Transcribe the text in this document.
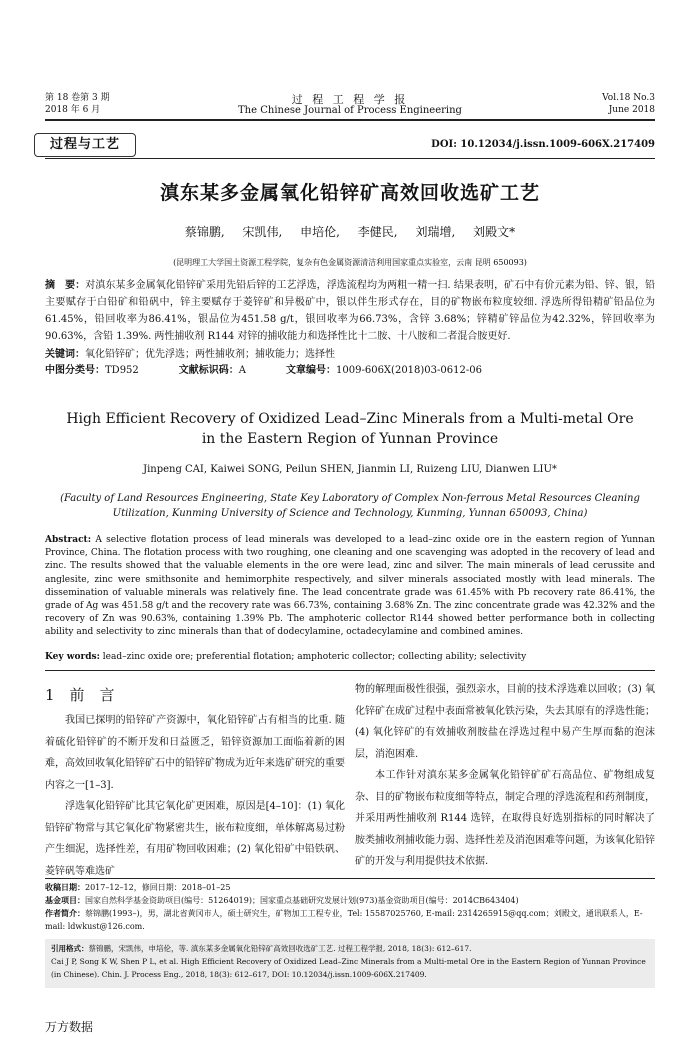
第 18 卷第 3 期
2018 年 6 月
过 程 工 程 学 报
The Chinese Journal of Process Engineering
Vol.18 No.3
June 2018
过程与工艺	DOI: 10.12034/j.issn.1009-606X.217409
滇东某多金属氧化铅锌矿高效回收选矿工艺
蔡锦鹏, 宋凯伟, 申培伦, 李健民, 刘瑞增, 刘殿文*
(昆明理工大学国土资源工程学院，复杂有色金属资源清洁利用国家重点实验室，云南 昆明 650093)
摘　要：对滇东某多金属氧化铅锌矿采用先铅后锌的工艺浮选，浮选流程均为两粗一精一扫. 结果表明，矿石中有价元素为铅、锌、银，铅主要赋存于白铅矿和铅矾中，锌主要赋存于菱锌矿和异极矿中，银以伴生形式存在，目的矿物嵌布粒度较细. 浮选所得铅精矿铅品位为61.45%，铅回收率为86.41%，银品位为451.58 g/t，银回收率为66.73%，含锌 3.68%；锌精矿锌品位为42.32%，锌回收率为 90.63%，含铅 1.39%. 两性捕收剂 R144 对锌的捕收能力和选择性比十二胺、十八胺和二者混合胺更好.
关键词：氧化铅锌矿；优先浮选；两性捕收剂；捕收能力；选择性
中图分类号：TD952	文献标识码：A	文章编号：1009-606X(2018)03-0612-06
High Efficient Recovery of Oxidized Lead–Zinc Minerals from a Multi-metal Ore in the Eastern Region of Yunnan Province
Jinpeng CAI, Kaiwei SONG, Peilun SHEN, Jianmin LI, Ruizeng LIU, Dianwen LIU*
(Faculty of Land Resources Engineering, State Key Laboratory of Complex Non-ferrous Metal Resources Cleaning Utilization, Kunming University of Science and Technology, Kunming, Yunnan 650093, China)
Abstract: A selective flotation process of lead minerals was developed to a lead–zinc oxide ore in the eastern region of Yunnan Province, China. The flotation process with two roughing, one cleaning and one scavenging was adopted in the recovery of lead and zinc. The results showed that the valuable elements in the ore were lead, zinc and silver. The main minerals of lead cerussite and anglesite, zinc were smithsonite and hemimorphite respectively, and silver minerals associated mostly with lead minerals. The dissemination of valuable minerals was relatively fine. The lead concentrate grade was 61.45% with Pb recovery rate 86.41%, the grade of Ag was 451.58 g/t and the recovery rate was 66.73%, containing 3.68% Zn. The zinc concentrate grade was 42.32% and the recovery of Zn was 90.63%, containing 1.39% Pb. The amphoteric collector R144 showed better performance both in collecting ability and selectivity to zinc minerals than that of dodecylamine, octadecylamine and combined amines.
Key words: lead–zinc oxide ore; preferential flotation; amphoteric collector; collecting ability; selectivity
1　前　言

我国已探明的铅锌矿产资源中，氧化铅锌矿占有相当的比重. 随着硫化铅锌矿的不断开发和日益匮乏，铅锌资源加工面临着新的困难，高效回收氧化铅锌矿石中的铅锌矿物成为近年来选矿研究的重要内容之一[1–3].

浮选氧化铅锌矿比其它氧化矿更困难，原因是[4–10]：(1) 氧化铅锌矿物常与其它氧化矿物紧密共生，嵌布粒度细，单体解离易过粉产生细泥，选择性差，有用矿物回收困难；(2) 氧化铅矿中铅铁矾、菱锌矾等难选矿

物的解理面极性很强，强烈亲水，目前的技术浮选难以回收；(3) 氧化锌矿在成矿过程中表面常被氧化铁污染，失去其原有的浮选性能；(4) 氧化锌矿的有效捕收剂胺盐在浮选过程中易产生厚而黏的泡沫层，消泡困难.

本工作针对滇东某多金属氧化铅锌矿矿石高品位、矿物组成复杂、目的矿物嵌布粒度细等特点，制定合理的浮选流程和药剂制度，并采用两性捕收剂 R144 选锌，在取得良好选别指标的同时解决了胺类捕收剂捕收能力弱、选择性差及消泡困难等问题，为该氧化铅锌矿的开发与利用提供技术依据.

收稿日期：2017–12–12，修回日期：2018–01–25
基金项目：国家自然科学基金资助项目(编号：51264019)；国家重点基础研究发展计划(973)基金资助项目(编号：2014CB643404)
作者简介：蔡锦鹏(1993–)，男，湖北省黄冈市人，硕士研究生，矿物加工工程专业，Tel: 15587025760, E-mail: 2314265915@qq.com；刘殿文，通讯联系人，E-mail: ldwkust@126.com.
引用格式：蔡锦鹏，宋凯伟，申培伦，等. 滇东某多金属氧化铅锌矿高效回收选矿工艺. 过程工程学报, 2018, 18(3): 612–617.
Cai J P, Song K W, Shen P L, et al. High Efficient Recovery of Oxidized Lead–Zinc Minerals from a Multi-metal Ore in the Eastern Region of Yunnan Province (in Chinese). Chin. J. Process Eng., 2018, 18(3): 612–617, DOI: 10.12034/j.issn.1009-606X.217409.
万方数据
